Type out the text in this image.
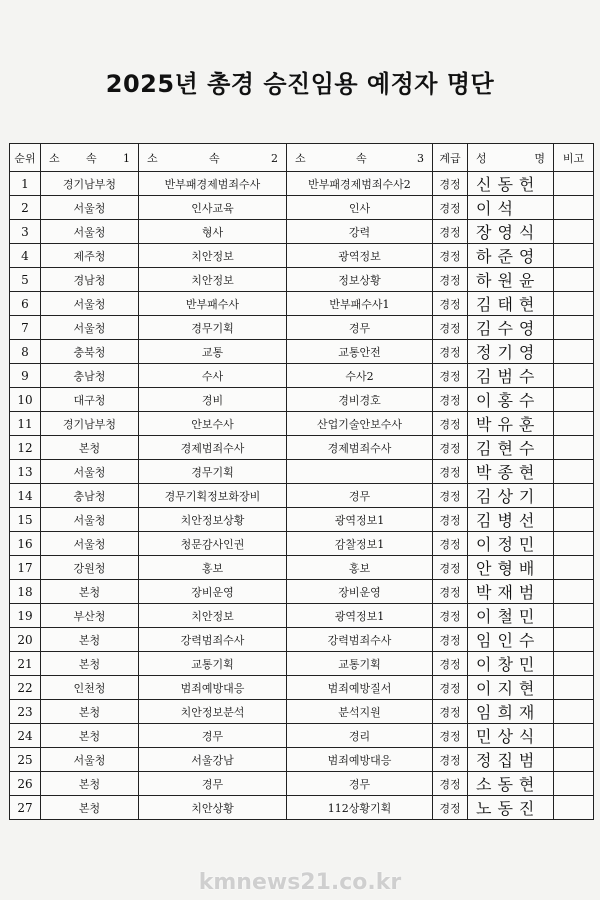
2025년 총경 승진임용 예정자 명단
순위	소 속 1	소 속 2	소 속 3	계급	성 명	비고
1	경기남부청	반부패경제범죄수사	반부패경제범죄수사2	경정	신동헌	
2	서울청	인사교육	인사	경정	이석	
3	서울청	형사	강력	경정	장영식	
4	제주청	치안정보	광역정보	경정	하준영	
5	경남청	치안정보	정보상황	경정	하원윤	
6	서울청	반부패수사	반부패수사1	경정	김태현	
7	서울청	경무기획	경무	경정	김수영	
8	충북청	교통	교통안전	경정	정기영	
9	충남청	수사	수사2	경정	김범수	
10	대구청	경비	경비경호	경정	이홍수	
11	경기남부청	안보수사	산업기술안보수사	경정	박유훈	
12	본청	경제범죄수사	경제범죄수사	경정	김현수	
13	서울청	경무기획		경정	박종현	
14	충남청	경무기획정보화장비	경무	경정	김상기	
15	서울청	치안정보상황	광역정보1	경정	김병선	
16	서울청	청문감사인권	감찰정보1	경정	이정민	
17	강원청	홍보	홍보	경정	안형배	
18	본청	장비운영	장비운영	경정	박재범	
19	부산청	치안정보	광역정보1	경정	이철민	
20	본청	강력범죄수사	강력범죄수사	경정	임인수	
21	본청	교통기획	교통기획	경정	이창민	
22	인천청	범죄예방대응	범죄예방질서	경정	이지현	
23	본청	치안정보분석	분석지원	경정	임희재	
24	본청	경무	경리	경정	민상식	
25	서울청	서울강남	범죄예방대응	경정	정집범	
26	본청	경무	경무	경정	소동현	
27	본청	치안상황	112상황기획	경정	노동진	
kmnews21.co.kr
